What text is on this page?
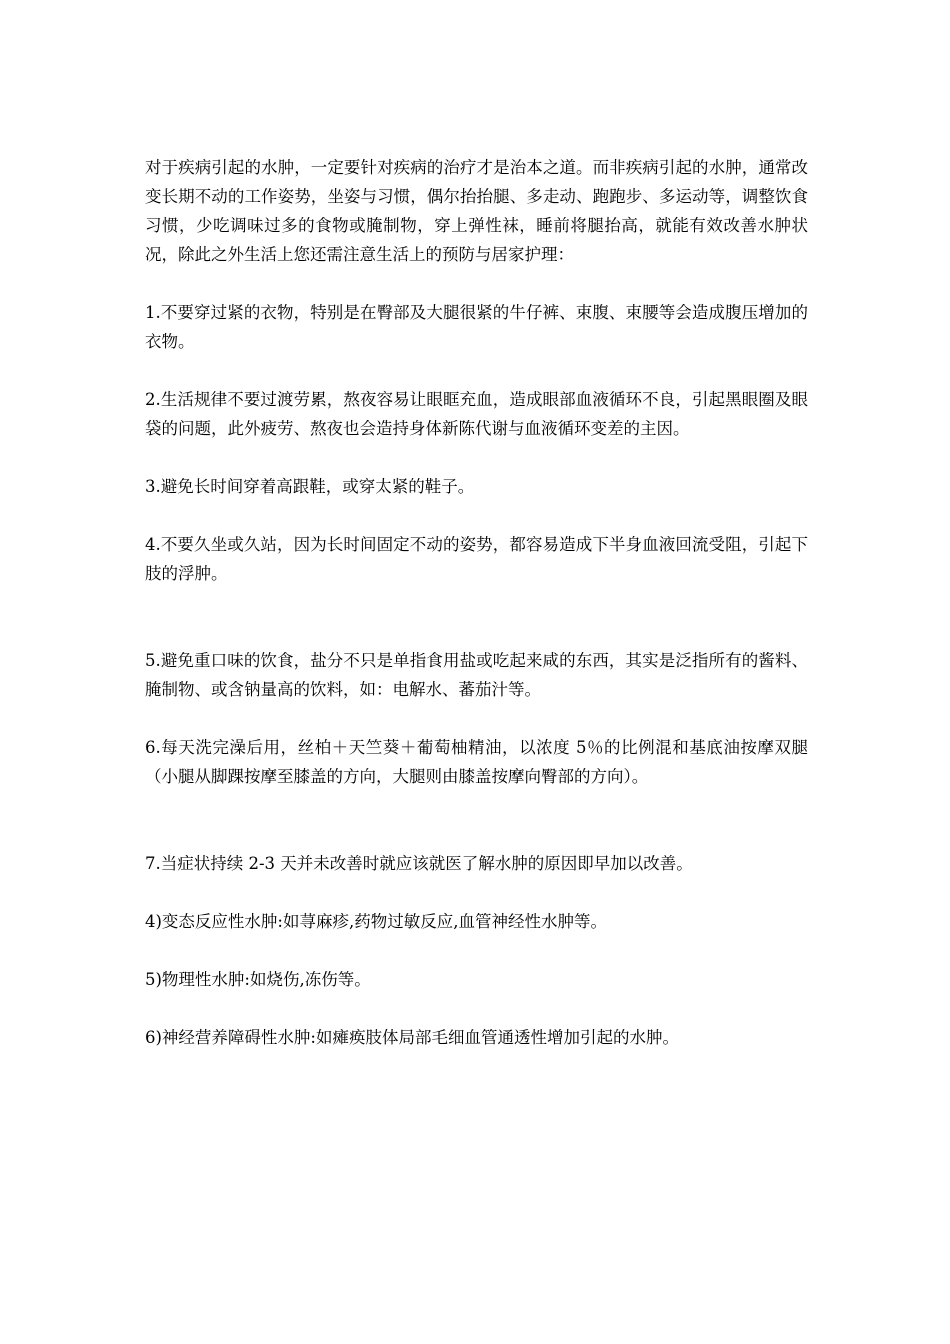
对于疾病引起的水肿，一定要针对疾病的治疗才是治本之道。而非疾病引起的水肿，通常改变长期不动的工作姿势，坐姿与习惯，偶尔抬抬腿、多走动、跑跑步、多运动等，调整饮食习惯，少吃调味过多的食物或腌制物，穿上弹性袜，睡前将腿抬高，就能有效改善水肿状况，除此之外生活上您还需注意生活上的预防与居家护理：

1.不要穿过紧的衣物，特别是在臀部及大腿很紧的牛仔裤、束腹、束腰等会造成腹压增加的衣物。

2.生活规律不要过渡劳累，熬夜容易让眼眶充血，造成眼部血液循环不良，引起黑眼圈及眼袋的问题，此外疲劳、熬夜也会造持身体新陈代谢与血液循环变差的主因。

3.避免长时间穿着高跟鞋，或穿太紧的鞋子。

4.不要久坐或久站，因为长时间固定不动的姿势，都容易造成下半身血液回流受阻，引起下肢的浮肿。

5.避免重口味的饮食，盐分不只是单指食用盐或吃起来咸的东西，其实是泛指所有的酱料、腌制物、或含钠量高的饮料，如：电解水、蕃茄汁等。

6.每天洗完澡后用，丝柏＋天竺葵＋葡萄柚精油，以浓度 5％的比例混和基底油按摩双腿（小腿从脚踝按摩至膝盖的方向，大腿则由膝盖按摩向臀部的方向）。

7.当症状持续 2-3 天并未改善时就应该就医了解水肿的原因即早加以改善。

4)变态反应性水肿:如荨麻疹,药物过敏反应,血管神经性水肿等。

5)物理性水肿:如烧伤,冻伤等。

6)神经营养障碍性水肿:如瘫痪肢体局部毛细血管通透性增加引起的水肿。
